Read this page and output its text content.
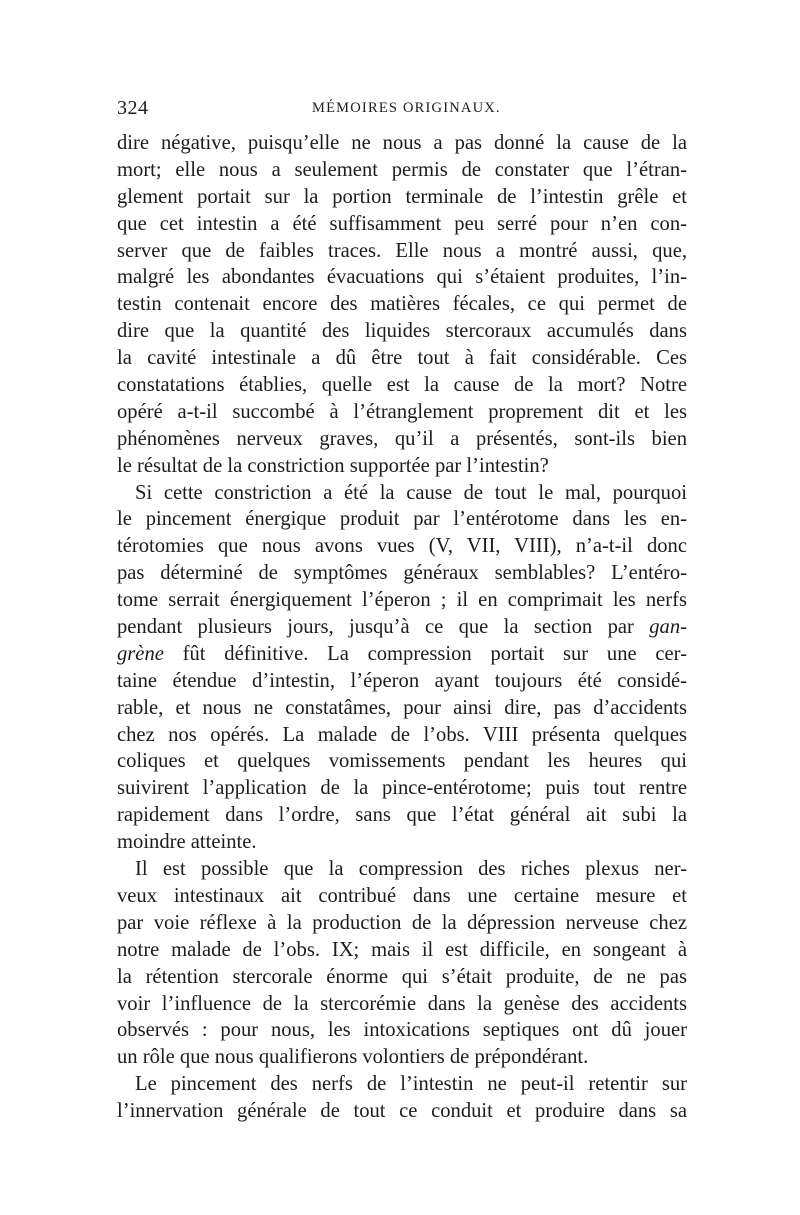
324	MÉMOIRES ORIGINAUX.
dire négative, puisqu’elle ne nous a pas donné la cause de la
mort; elle nous a seulement permis de constater que l’étran-
glement portait sur la portion terminale de l’intestin grêle et
que cet intestin a été suffisamment peu serré pour n’en con-
server que de faibles traces. Elle nous a montré aussi, que,
malgré les abondantes évacuations qui s’étaient produites, l’in-
testin contenait encore des matières fécales, ce qui permet de
dire que la quantité des liquides stercoraux accumulés dans
la cavité intestinale a dû être tout à fait considérable. Ces
constatations établies, quelle est la cause de la mort? Notre
opéré a-t-il succombé à l’étranglement proprement dit et les
phénomènes nerveux graves, qu’il a présentés, sont-ils bien
le résultat de la constriction supportée par l’intestin?
Si cette constriction a été la cause de tout le mal, pourquoi
le pincement énergique produit par l’entérotome dans les en-
térotomies que nous avons vues (V, VII, VIII), n’a-t-il donc
pas déterminé de symptômes généraux semblables? L’entéro-
tome serrait énergiquement l’éperon ; il en comprimait les nerfs
pendant plusieurs jours, jusqu’à ce que la section par gan-
grène fût définitive. La compression portait sur une cer-
taine étendue d’intestin, l’éperon ayant toujours été considé-
rable, et nous ne constatâmes, pour ainsi dire, pas d’accidents
chez nos opérés. La malade de l’obs. VIII présenta quelques
coliques et quelques vomissements pendant les heures qui
suivirent l’application de la pince-entérotome; puis tout rentre
rapidement dans l’ordre, sans que l’état général ait subi la
moindre atteinte.
Il est possible que la compression des riches plexus ner-
veux intestinaux ait contribué dans une certaine mesure et
par voie réflexe à la production de la dépression nerveuse chez
notre malade de l’obs. IX; mais il est difficile, en songeant à
la rétention stercorale énorme qui s’était produite, de ne pas
voir l’influence de la stercorémie dans la genèse des accidents
observés : pour nous, les intoxications septiques ont dû jouer
un rôle que nous qualifierons volontiers de prépondérant.
Le pincement des nerfs de l’intestin ne peut-il retentir sur
l’innervation générale de tout ce conduit et produire dans sa
